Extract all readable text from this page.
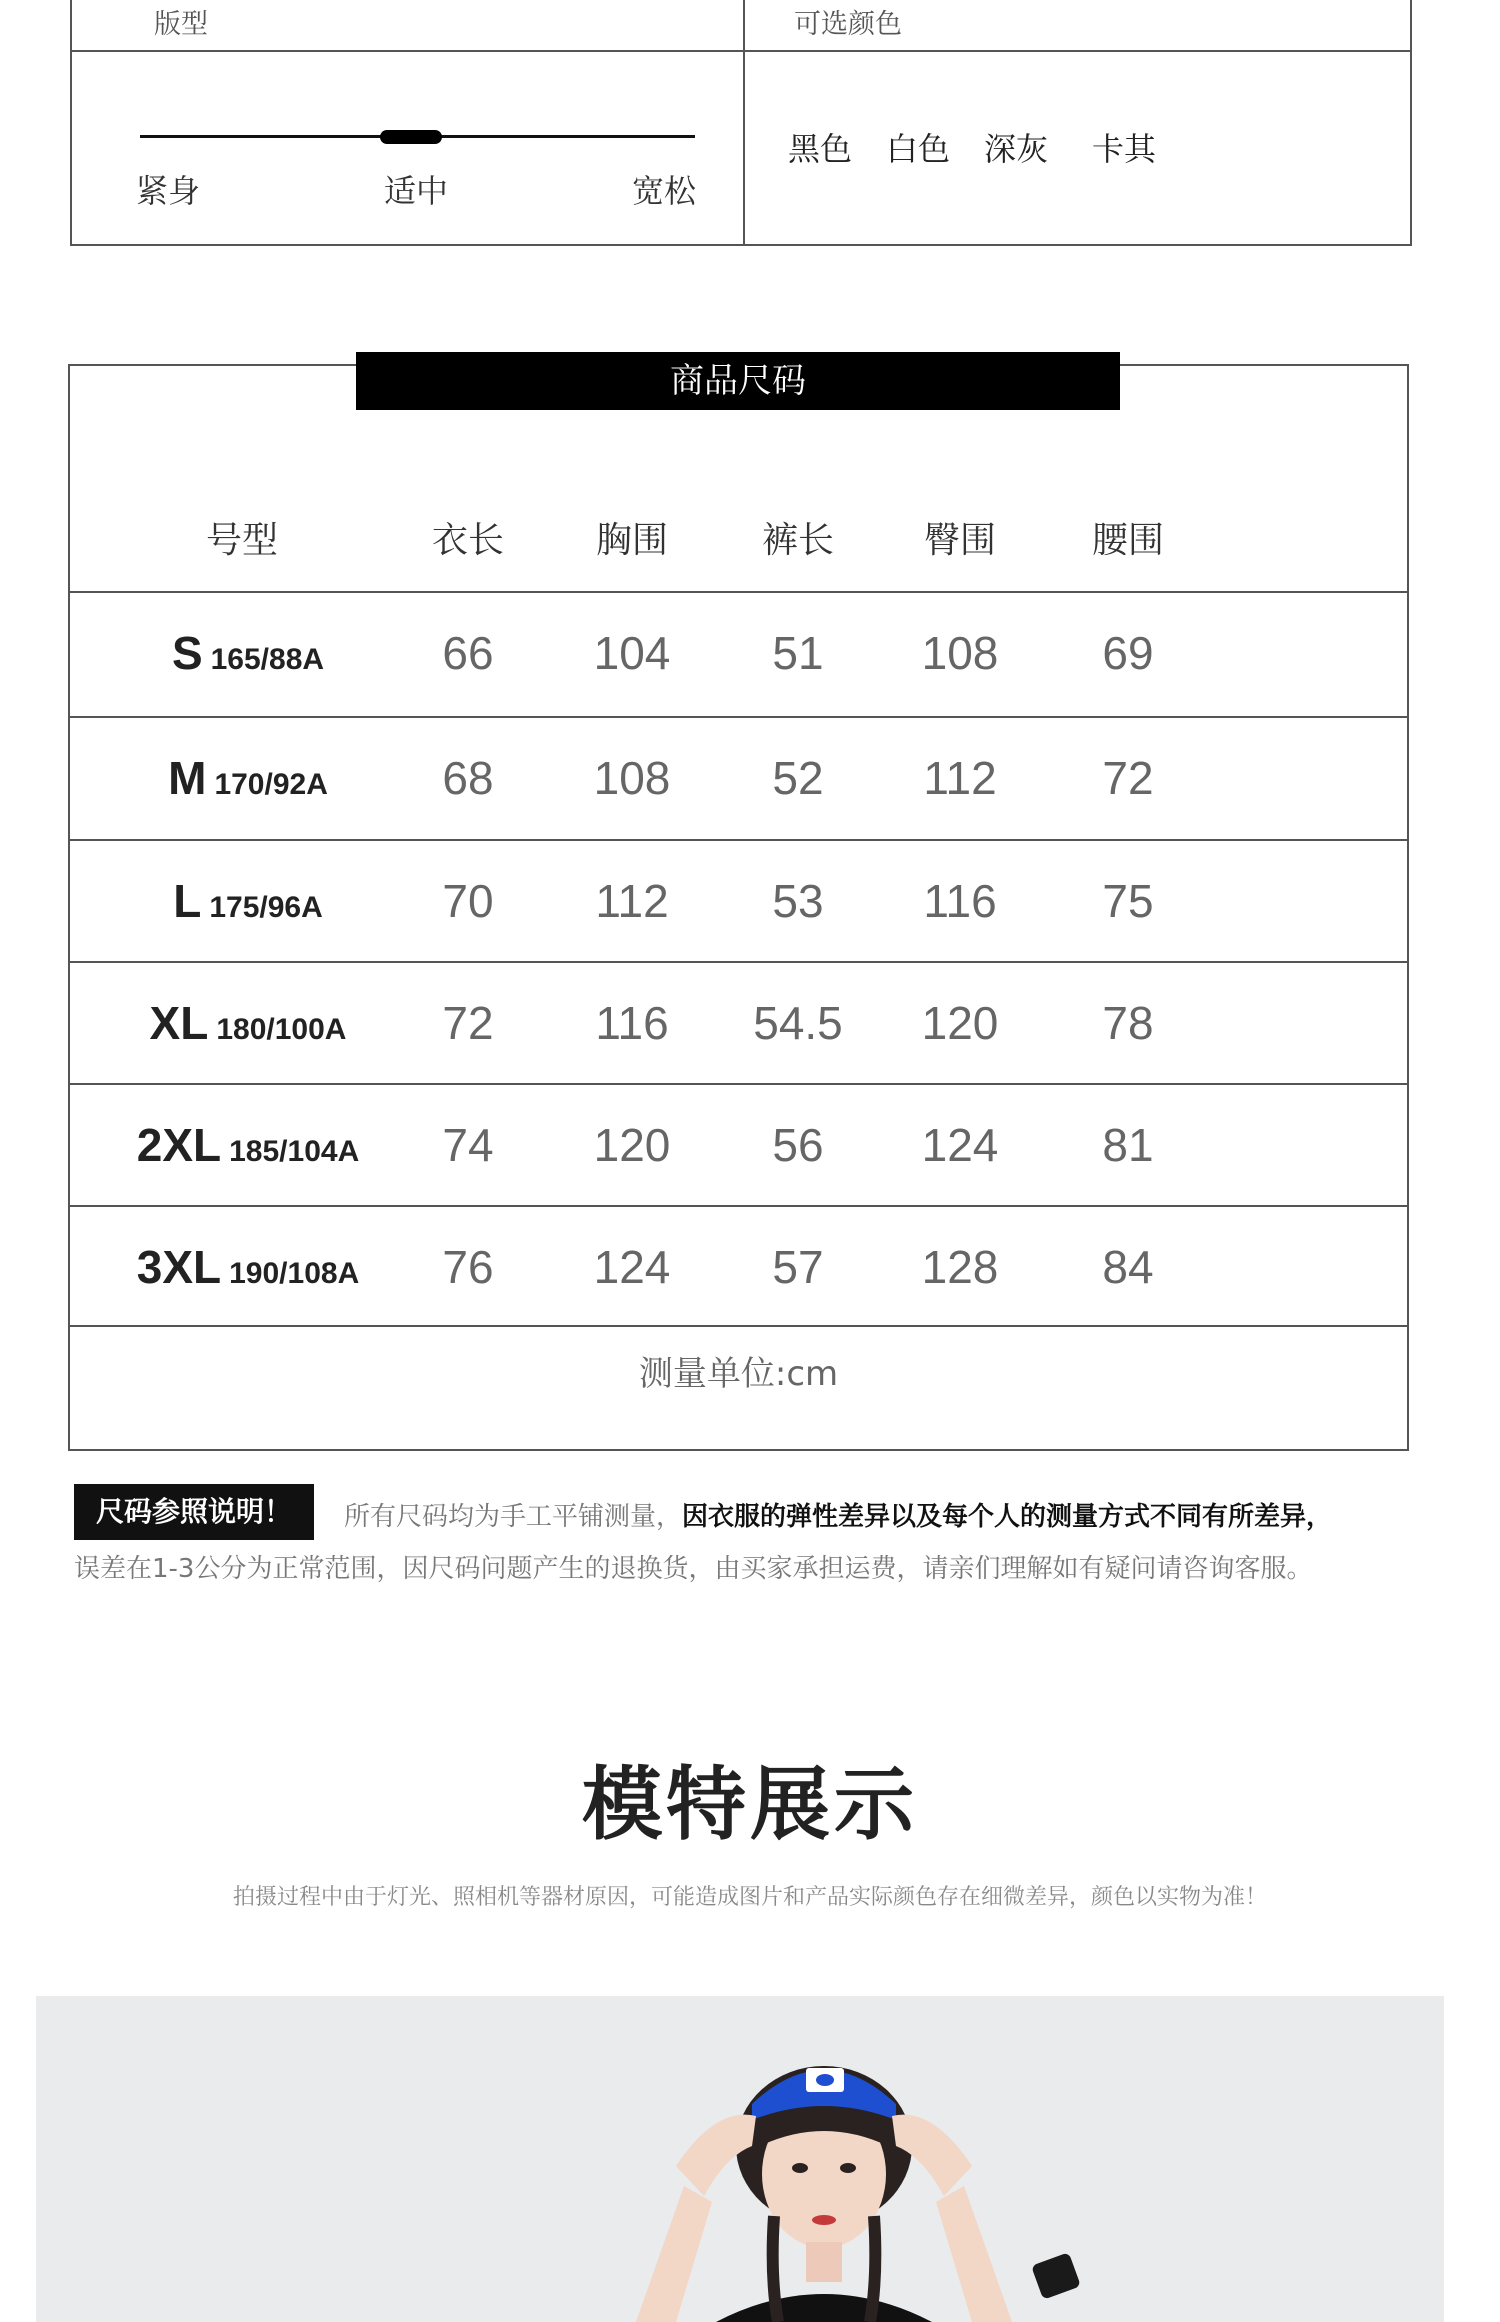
版型	可选颜色
紧身	适中	宽松
黑色 白色 深灰 卡其
商品尺码
号型	衣长	胸围	裤长	臀围	腰围
S 165/88A	66	104	51	108	69
M 170/92A	68	108	52	112	72
L 175/96A	70	112	53	116	75
XL 180/100A	72	116	54.5	120	78
2XL 185/104A	74	120	56	124	81
3XL 190/108A	76	124	57	128	84
测量单位:cm
尺码参照说明！	所有尺码均为手工平铺测量，因衣服的弹性差异以及每个人的测量方式不同有所差异，
误差在1-3公分为正常范围，因尺码问题产生的退换货，由买家承担运费，请亲们理解如有疑问请咨询客服。
模特展示
拍摄过程中由于灯光、照相机等器材原因，可能造成图片和产品实际颜色存在细微差异，颜色以实物为准！
